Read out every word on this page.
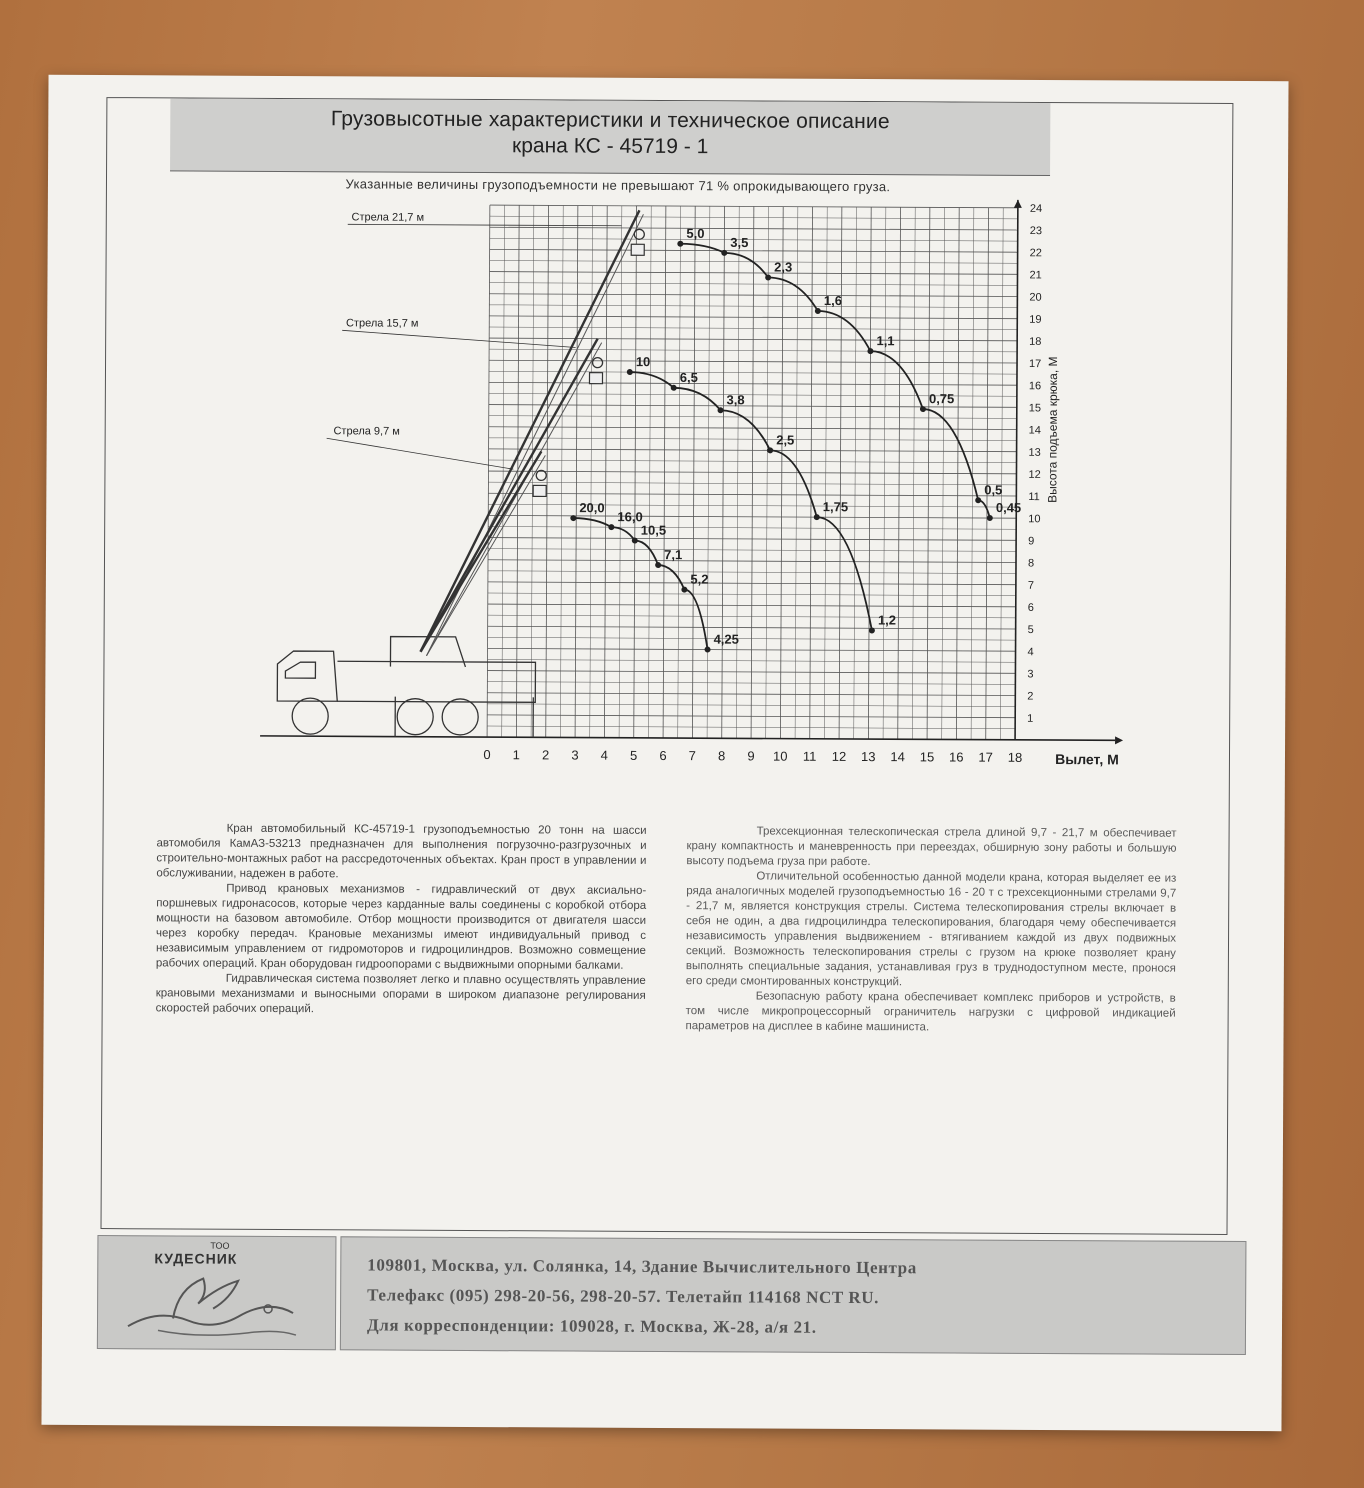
Грузовысотные характеристики и техническое описание
крана КС - 45719 - 1
Указанные величины грузоподъемности не превышают 71 % опрокидывающего груза.
0 1 2 3 4 5 6 7 8 9 10 11 12 13 14 15 16 17 18 Вылет, М
1
2
3
4
5
6
7
8
9
10
11
12
13
14
15
16
17
18
19
20
21
22
23
24
Высота подъема крюка, М
Стрела 21,7 м
Стрела 15,7 м
Стрела 9,7 м
5,0
3,5
2,3
1,6
1,1
0,75
0,5
0,45
10
6,5
3,8
2,5
1,75
1,2
20,0
16,0
10,5
7,1
5,2
4,25

Кран автомобильный КС-45719-1 грузоподъемностью 20 тонн на шасси автомобиля КамАЗ-53213 предназначен для выполнения погрузочно-разгрузочных и строительно-монтажных работ на рассредоточенных объектах. Кран прост в управлении и обслуживании, надежен в работе.

Привод крановых механизмов - гидравлический от двух аксиально-поршневых гидронасосов, которые через карданные валы соединены с коробкой отбора мощности на базовом автомобиле. Отбор мощности производится от двигателя шасси через коробку передач. Крановые механизмы имеют индивидуальный привод с независимым управлением от гидромоторов и гидроцилиндров. Возможно совмещение рабочих операций. Кран оборудован гидроопорами с выдвижными опорными балками.

Гидравлическая система позволяет легко и плавно осуществлять управление крановыми механизмами и выносными опорами в широком диапазоне регулирования скоростей рабочих операций.

Трехсекционная телескопическая стрела длиной 9,7 - 21,7 м обеспечивает крану компактность и маневренность при переездах, обширную зону работы и большую высоту подъема груза при работе.

Отличительной особенностью данной модели крана, которая выделяет ее из ряда аналогичных моделей грузоподъемностью 16 - 20 т с трехсекционными стрелами 9,7 - 21,7 м, является конструкция стрелы. Система телескопирования стрелы включает в себя не один, а два гидроцилиндра телескопирования, благодаря чему обеспечивается независимость управления выдвижением - втягиванием каждой из двух подвижных секций. Возможность телескопирования стрелы с грузом на крюке позволяет крану выполнять специальные задания, устанавливая груз в труднодоступном месте, пронося его среди смонтированных конструкций.

Безопасную работу крана обеспечивает комплекс приборов и устройств, в том числе микропроцессорный ограничитель нагрузки с цифровой индикацией параметров на дисплее в кабине машиниста.

ТОО
КУДЕСНИК	109801, Москва, ул. Солянка, 14, Здание Вычислительного Центра
Телефакс (095) 298-20-56, 298-20-57. Телетайп 114168 NCT RU.
Для корреспонденции: 109028, г. Москва, Ж-28, а/я 21.
